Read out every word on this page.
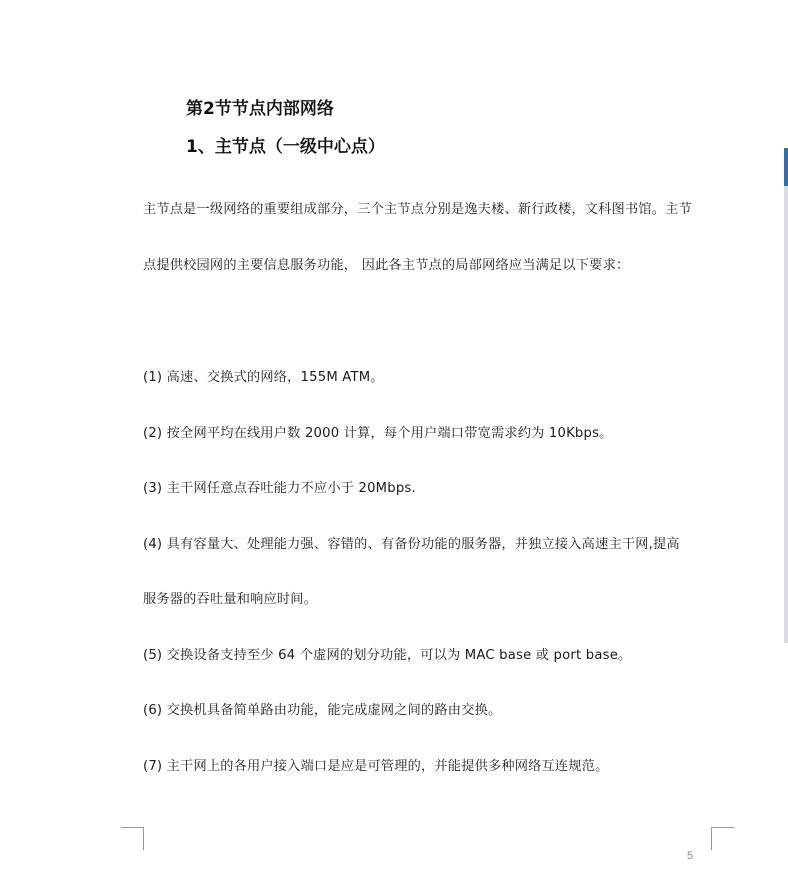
第2节节点内部网络
1、主节点（一级中心点）
主节点是一级网络的重要组成部分，三个主节点分别是逸夫楼、新行政楼，文科图书馆。主节
点提供校园网的主要信息服务功能， 因此各主节点的局部网络应当满足以下要求：
(1) 高速、交换式的网络，155M ATM。
(2) 按全网平均在线用户数 2000 计算，每个用户端口带宽需求约为 10Kbps。
(3) 主干网任意点吞吐能力不应小于 20Mbps.
(4) 具有容量大、处理能力强、容错的、有备份功能的服务器，并独立接入高速主干网,提高
服务器的吞吐量和响应时间。
(5) 交换设备支持至少 64 个虚网的划分功能，可以为 MAC base 或 port base。
(6) 交换机具备简单路由功能，能完成虚网之间的路由交换。
(7) 主干网上的各用户接入端口是应是可管理的，并能提供多种网络互连规范。
5
